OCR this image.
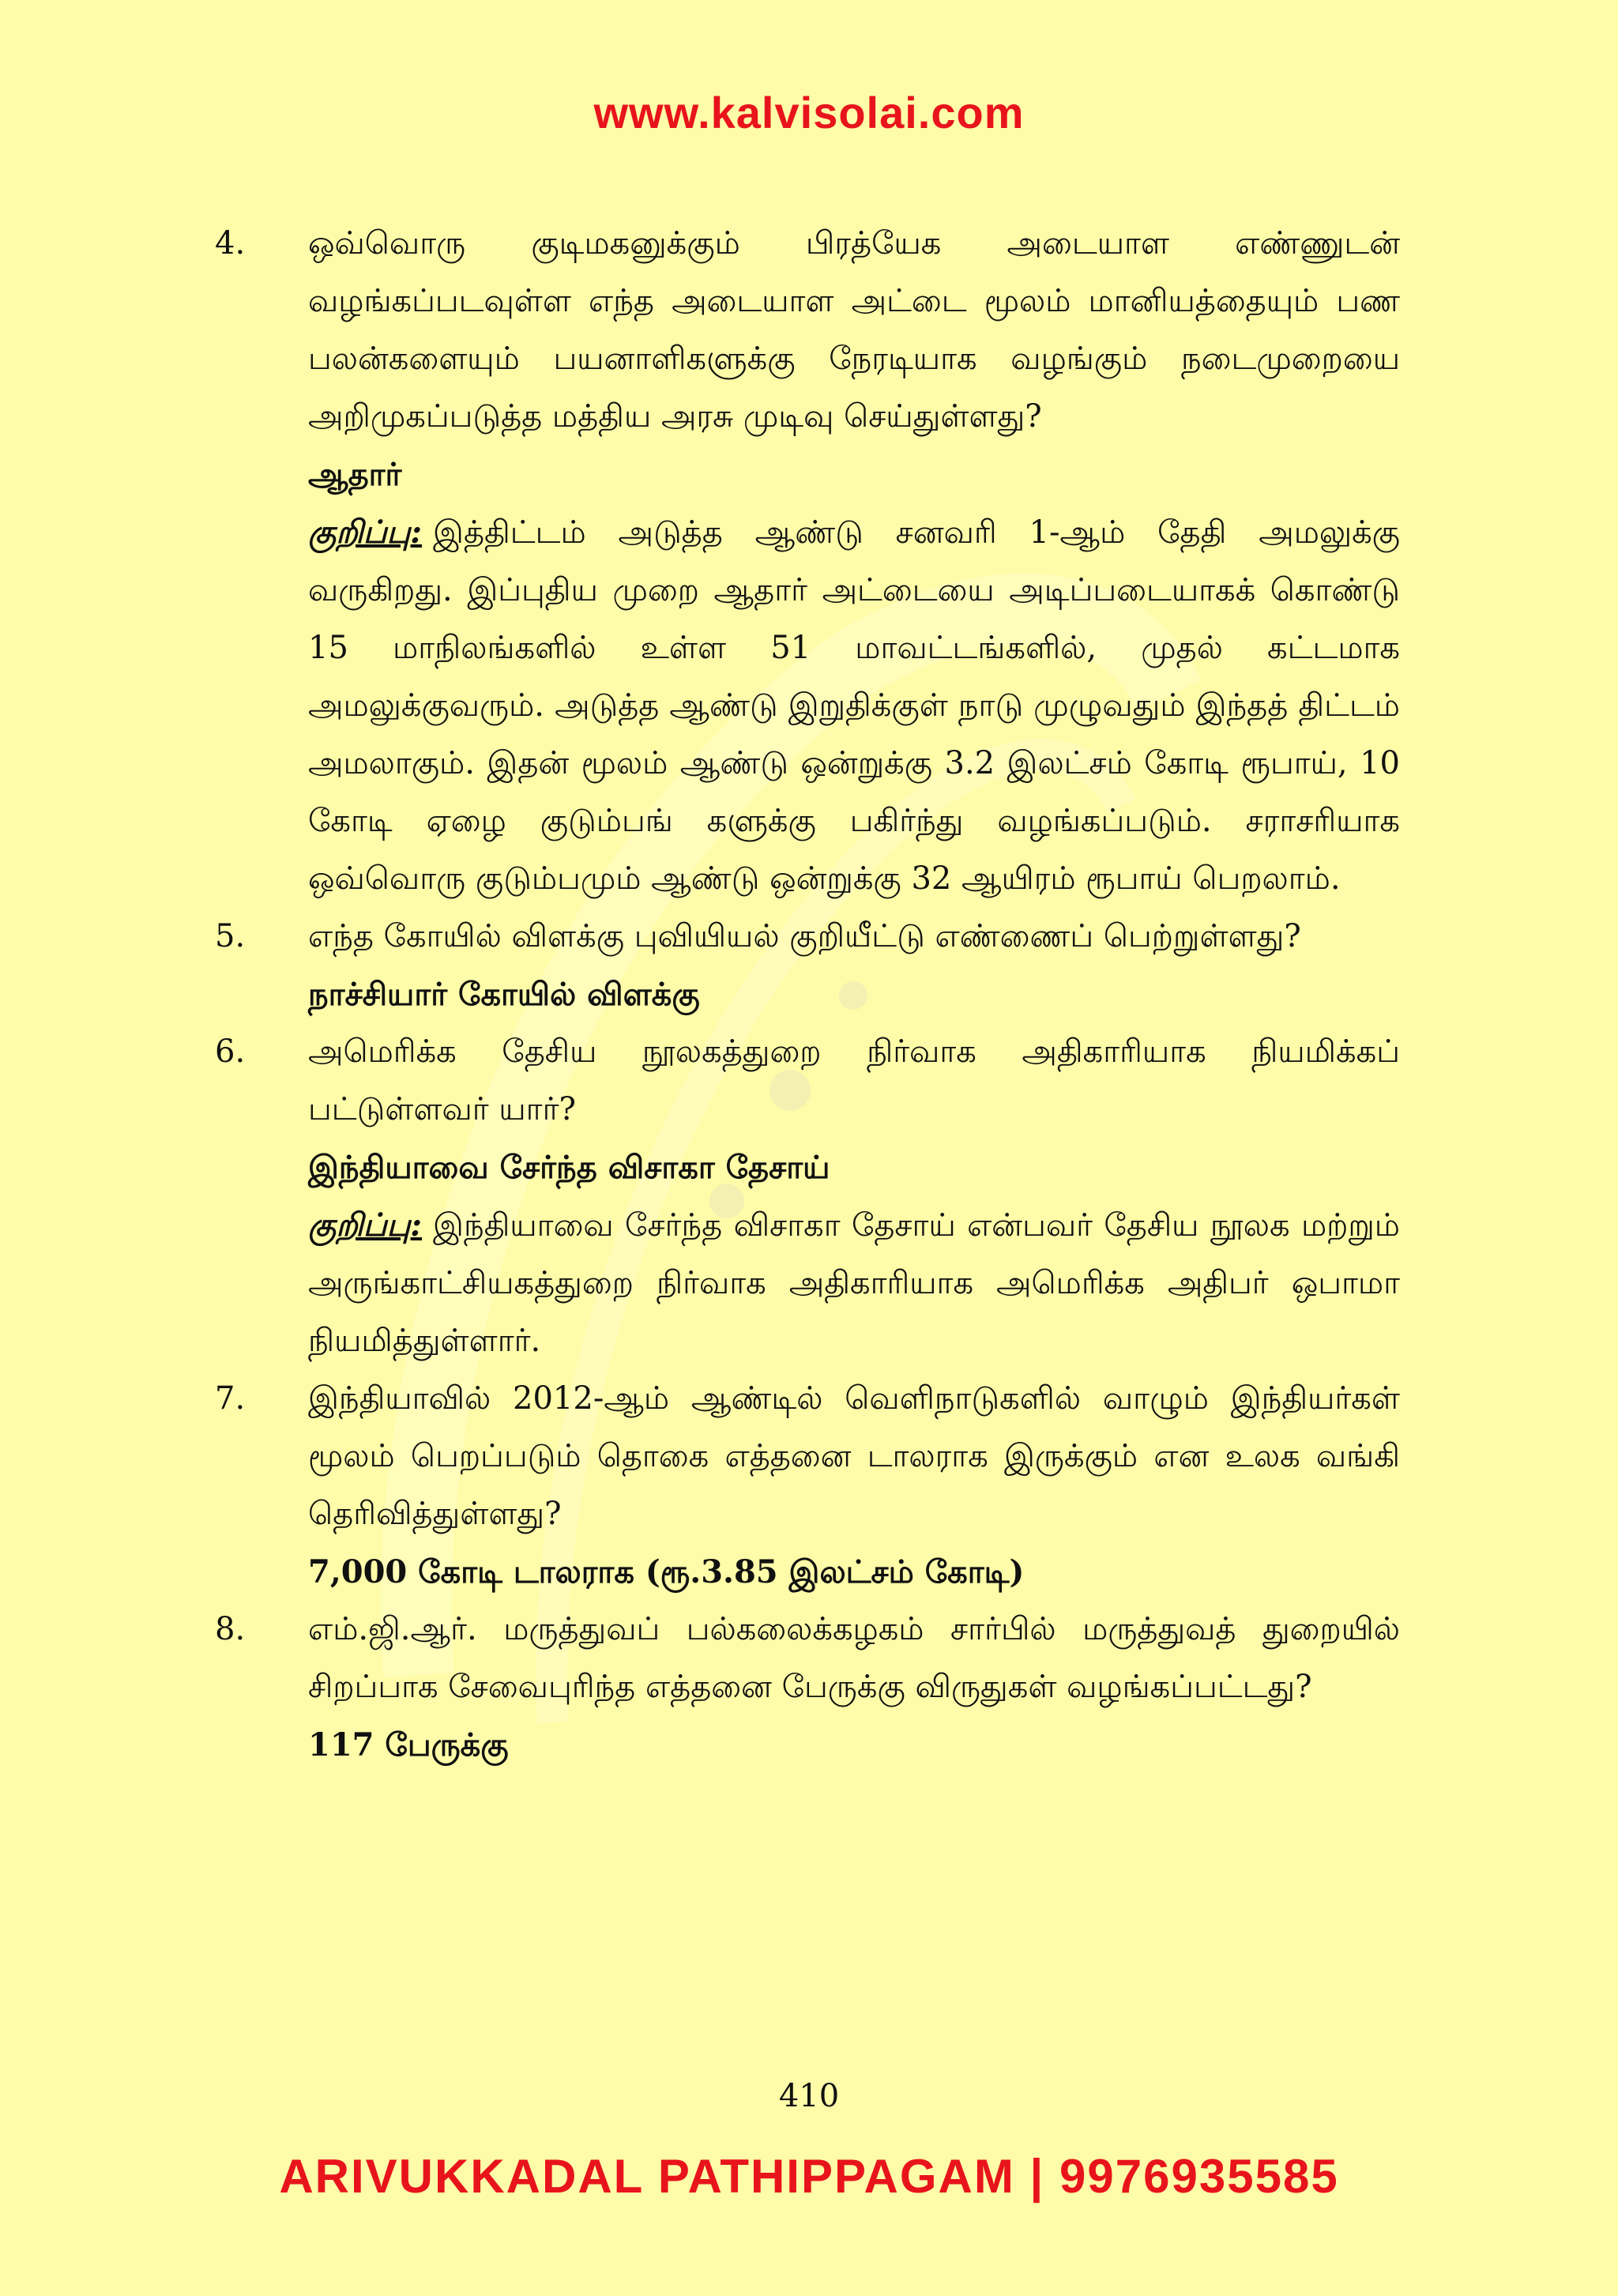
www.kalvisolai.com
4. ஒவ்வொரு குடிமகனுக்கும் பிரத்யேக அடையாள எண்ணுடன் வழங்கப்படவுள்ள எந்த அடையாள அட்டை மூலம் மானியத்தையும் பண பலன்களையும் பயனாளிகளுக்கு நேரடியாக வழங்கும் நடைமுறையை அறிமுகப்படுத்த மத்திய அரசு முடிவு செய்துள்ளது?
ஆதார்
குறிப்பு: இத்திட்டம் அடுத்த ஆண்டு சனவரி 1-ஆம் தேதி அமலுக்கு வருகிறது. இப்புதிய முறை ஆதார் அட்டையை அடிப்படையாகக் கொண்டு 15 மாநிலங்களில் உள்ள 51 மாவட்டங்களில், முதல் கட்டமாக அமலுக்குவரும். அடுத்த ஆண்டு இறுதிக்குள் நாடு முழுவதும் இந்தத் திட்டம் அமலாகும். இதன் மூலம் ஆண்டு ஒன்றுக்கு 3.2 இலட்சம் கோடி ரூபாய், 10 கோடி ஏழை குடும்பங் களுக்கு பகிர்ந்து வழங்கப்படும். சராசரியாக ஒவ்வொரு குடும்பமும் ஆண்டு ஒன்றுக்கு 32 ஆயிரம் ரூபாய் பெறலாம்.
5. எந்த கோயில் விளக்கு புவியியல் குறியீட்டு எண்ணைப் பெற்றுள்ளது?
நாச்சியார் கோயில் விளக்கு
6. அமெரிக்க தேசிய நூலகத்துறை நிர்வாக அதிகாரியாக நியமிக்கப் பட்டுள்ளவர் யார்?
இந்தியாவை சேர்ந்த விசாகா தேசாய்
குறிப்பு: இந்தியாவை சேர்ந்த விசாகா தேசாய் என்பவர் தேசிய நூலக மற்றும் அருங்காட்சியகத்துறை நிர்வாக அதிகாரியாக அமெரிக்க அதிபர் ஒபாமா நியமித்துள்ளார்.
7. இந்தியாவில் 2012-ஆம் ஆண்டில் வெளிநாடுகளில் வாழும் இந்தியர்கள் மூலம் பெறப்படும் தொகை எத்தனை டாலராக இருக்கும் என உலக வங்கி தெரிவித்துள்ளது?
7,000 கோடி டாலராக (ரூ.3.85 இலட்சம் கோடி)
8. எம்.ஜி.ஆர். மருத்துவப் பல்கலைக்கழகம் சார்பில் மருத்துவத் துறையில் சிறப்பாக சேவைபுரிந்த எத்தனை பேருக்கு விருதுகள் வழங்கப்பட்டது?
117 பேருக்கு
410
ARIVUKKADAL PATHIPPAGAM | 9976935585
